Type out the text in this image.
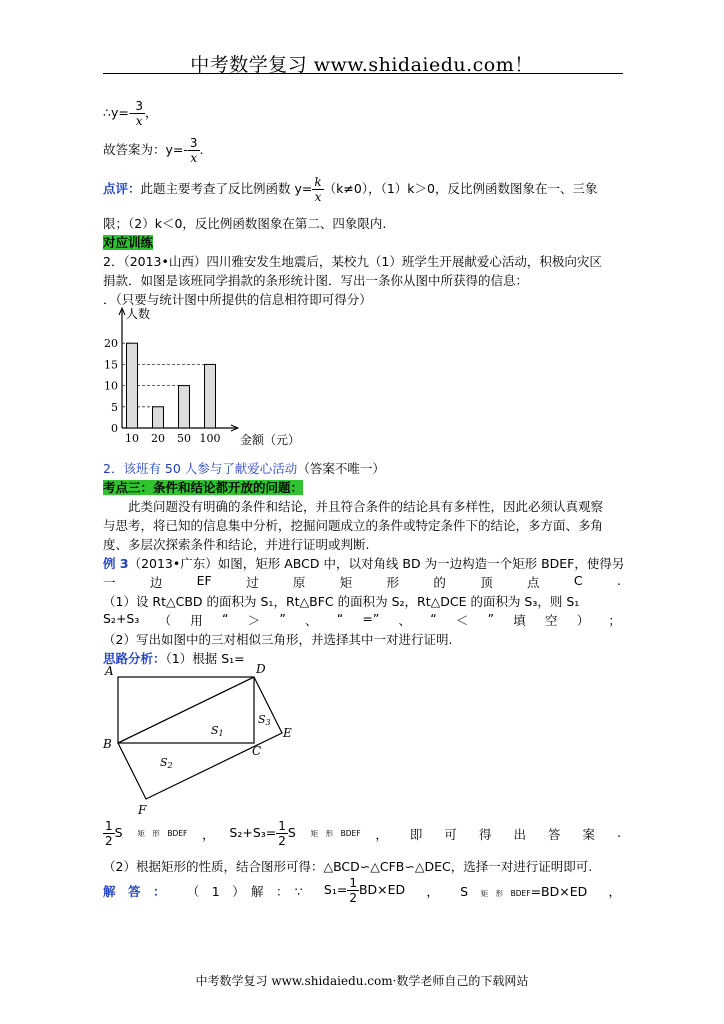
中考数学复习 www.shidaiedu.com！
∴y=- $\frac{3}{x}$ ，
故答案为：$y=- \frac{3}{x}$ .
点评：此题主要考查了反比例函数 $y= \frac{k}{x} (k\ne 0)$，（1）k＞0，反比例函数图象在一、三象
限；（2）k＜0，反比例函数图象在第二、四象限内.
对应训练
2．（2013•山西）四川雅安发生地震后，某校九（1）班学生开展献爱心活动，积极向灾区
捐款．如图是该班同学捐款的条形统计图．写出一条你从图中所获得的信息：
．（只要与统计图中所提供的信息相符即可得分）
0
5
10
15
20
10 20 50 100
人数
金额（元）
2．该班有 50 人参与了献爱心活动（答案不唯一）
考点三：条件和结论都开放的问题：
此类问题没有明确的条件和结论，并且符合条件的结论具有多样性，因此必须认真观察
与思考，将已知的信息集中分析，挖掘问题成立的条件或特定条件下的结论，多方面、多角
度、多层次探索条件和结论，并进行证明或判断.
例 3（2013•广东）如图，矩形 ABCD 中，以对角线 BD 为一边构造一个矩形 BDEF，使得另
一	边	EF	过	原	矩	形	的	顶	点	C	.
（1）设 Rt△CBD 的面积为 S₁，Rt△BFC 的面积为 S₂，Rt△DCE 的面积为 S₃，则 S₁
S₂+S₃ （ 用 “ ＞ ” 、 “ =” 、 “ ＜ ” 填 空 ） ；
（2）写出如图中的三对相似三角形，并选择其中一对进行证明.
思路分析：（1）根据 S₁=
A	D
B	C
E
F
S1
S2
S3
$\frac{1}{2}$ S 矩　形　BDEF ， $S_2+S_3= \frac{1}{2}$ S 矩　形　BDEF ， 即 可 得 出 答 案 .
（2）根据矩形的性质，结合图形可得：△BCD∽△CFB∽△DEC，选择一对进行证明即可.
解　答　： （　1　）　解　：　∵ $S_1= \frac{1}{2} BD\times ED$ ， S　 矩　形　BDEF=BD×ED ，
中考数学复习 www.shidaiedu.com·数学老师自己的下载网站
